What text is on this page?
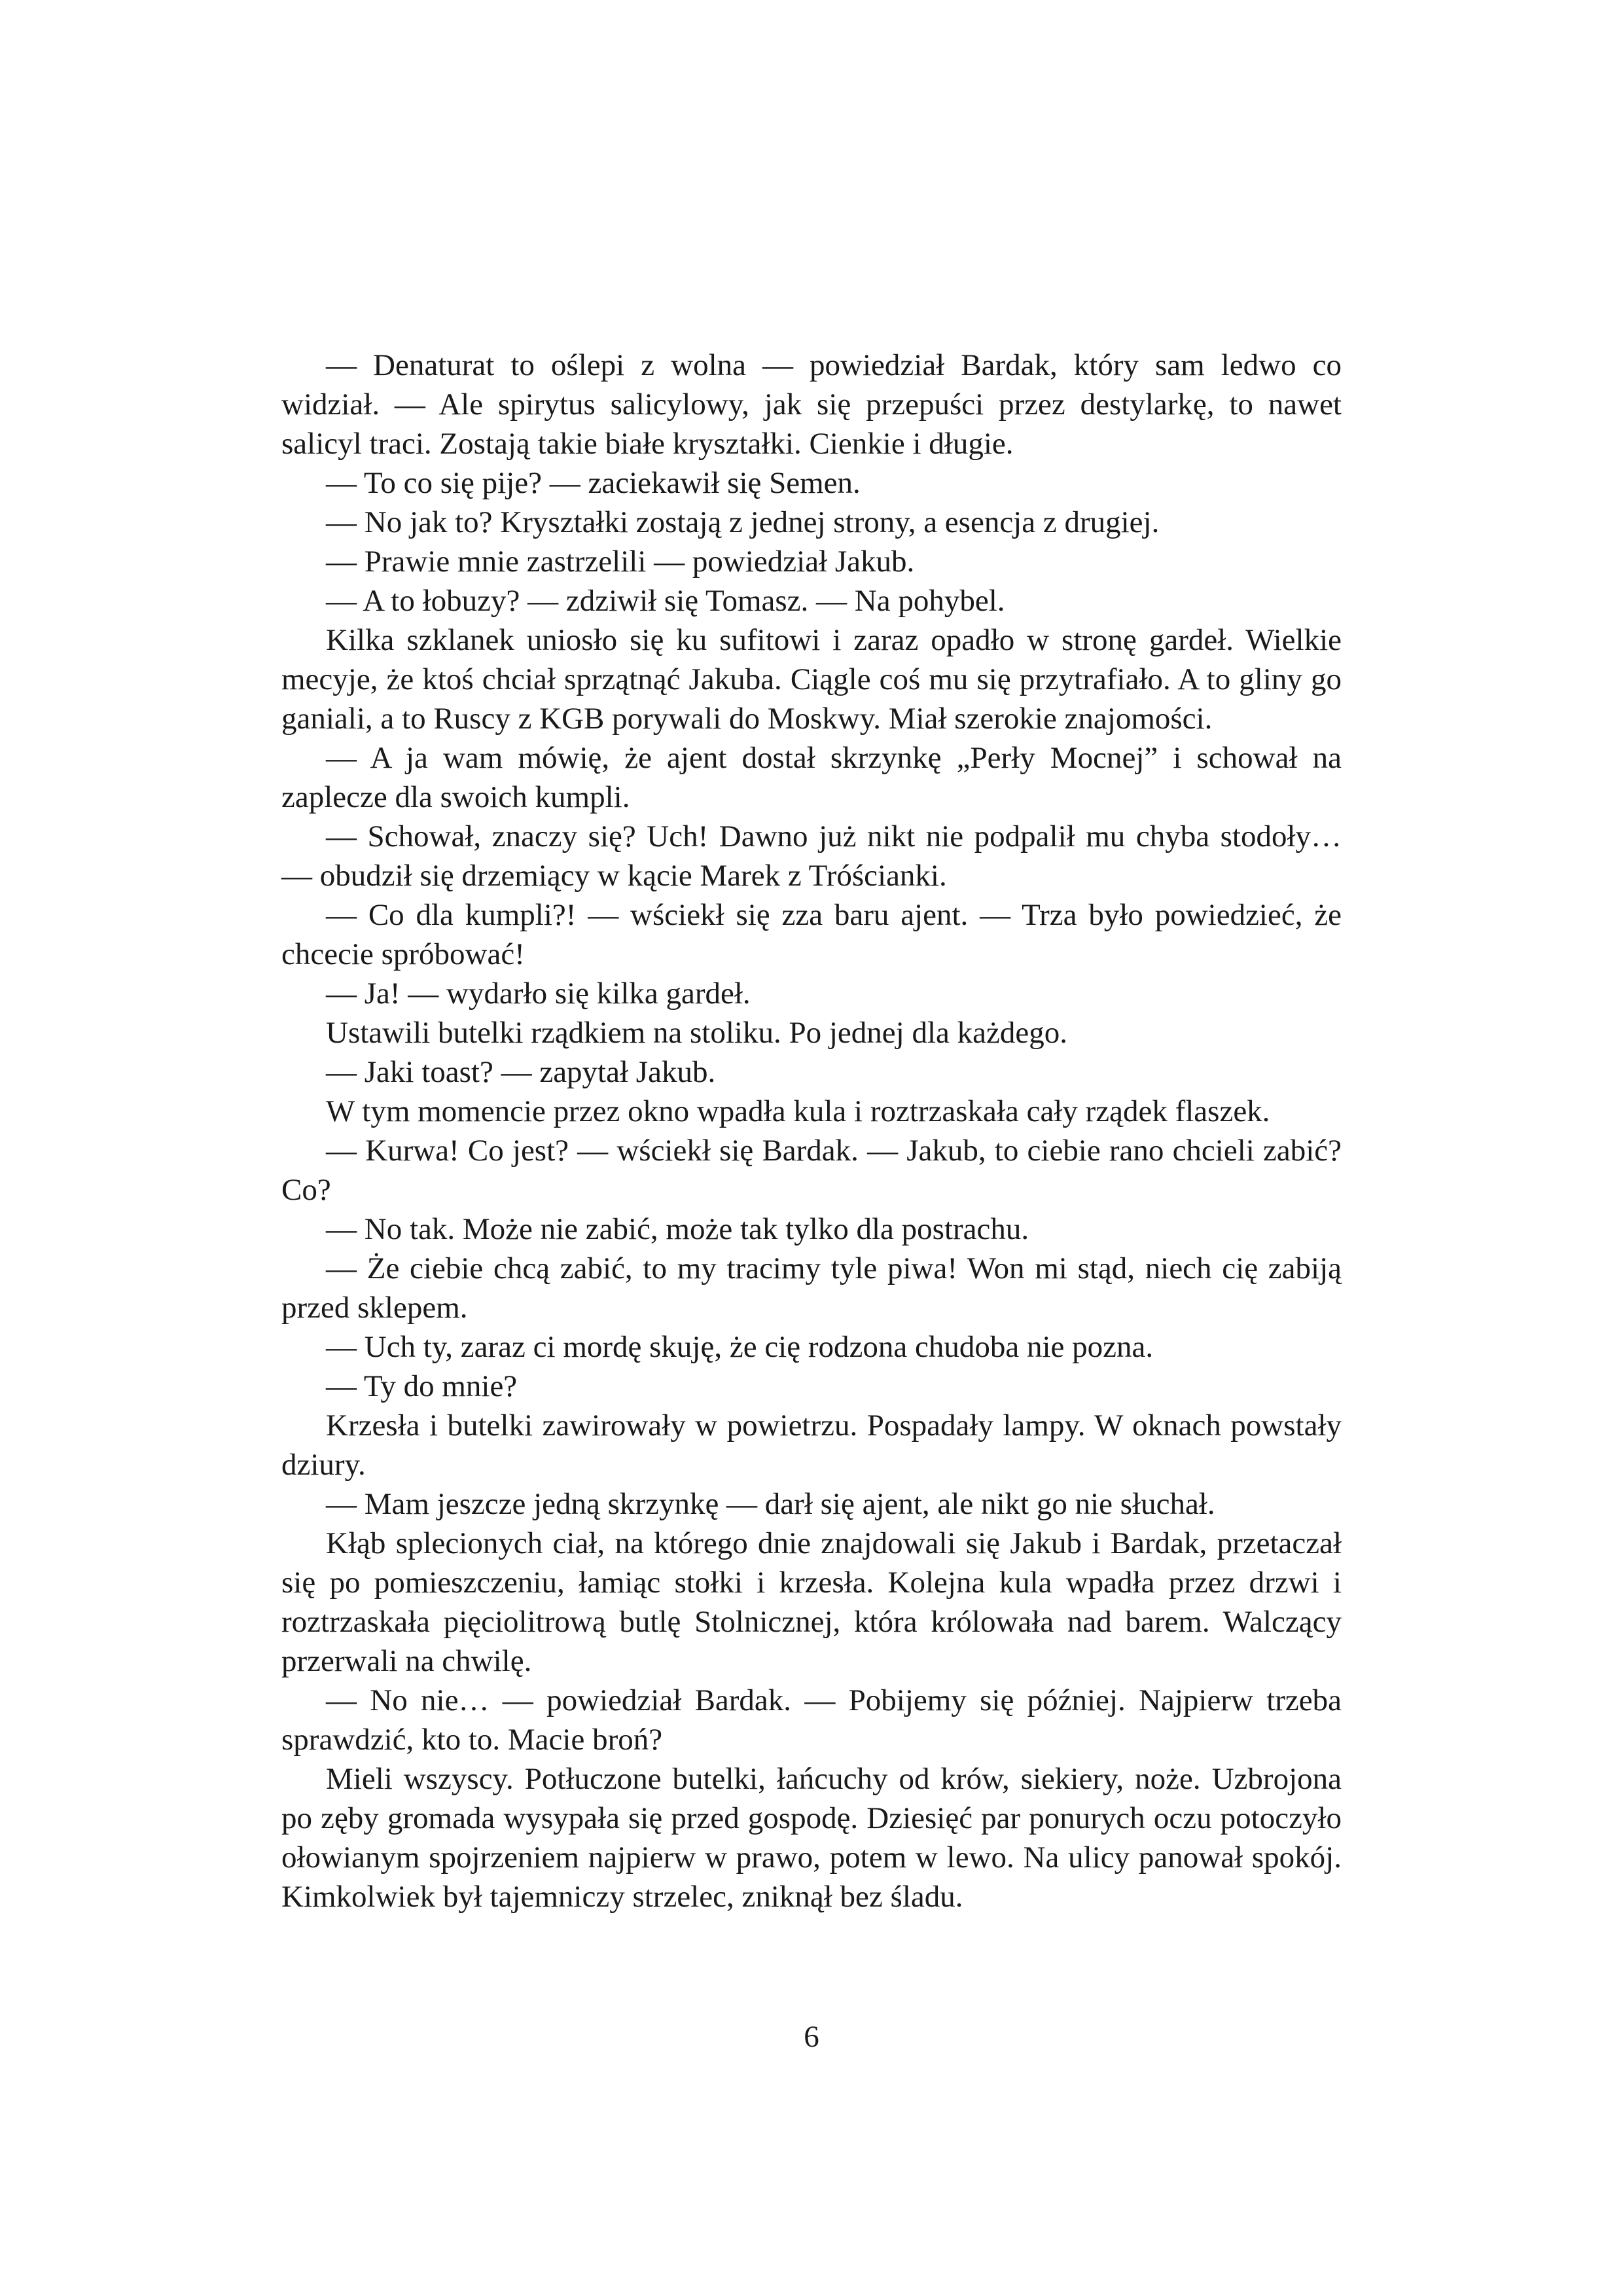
— Denaturat to oślepi z wolna — powiedział Bardak, który sam ledwo co widział. — Ale spirytus salicylowy, jak się przepuści przez destylarkę, to nawet salicyl traci. Zostają takie białe kryształki. Cienkie i długie.

— To co się pije? — zaciekawił się Semen.

— No jak to? Kryształki zostają z jednej strony, a esencja z drugiej.

— Prawie mnie zastrzelili — powiedział Jakub.

— A to łobuzy? — zdziwił się Tomasz. — Na pohybel.

Kilka szklanek uniosło się ku sufitowi i zaraz opadło w stronę gardeł. Wielkie mecyje, że ktoś chciał sprzątnąć Jakuba. Ciągle coś mu się przytrafiało. A to gliny go ganiali, a to Ruscy z KGB porywali do Moskwy. Miał szerokie znajomości.

— A ja wam mówię, że ajent dostał skrzynkę „Perły Mocnej” i schował na zaplecze dla swoich kumpli.

— Schował, znaczy się? Uch! Dawno już nikt nie podpalił mu chyba stodoły… — obudził się drzemiący w kącie Marek z Tróścianki.

— Co dla kumpli?! — wściekł się zza baru ajent. — Trza było powiedzieć, że chcecie spróbować!

— Ja! — wydarło się kilka gardeł.

Ustawili butelki rządkiem na stoliku. Po jednej dla każdego.

— Jaki toast? — zapytał Jakub.

W tym momencie przez okno wpadła kula i roztrzaskała cały rządek flaszek.

— Kurwa! Co jest? — wściekł się Bardak. — Jakub, to ciebie rano chcieli zabić? Co?

— No tak. Może nie zabić, może tak tylko dla postrachu.

— Że ciebie chcą zabić, to my tracimy tyle piwa! Won mi stąd, niech cię zabiją przed sklepem.

— Uch ty, zaraz ci mordę skuję, że cię rodzona chudoba nie pozna.

— Ty do mnie?

Krzesła i butelki zawirowały w powietrzu. Pospadały lampy. W oknach powstały dziury.

— Mam jeszcze jedną skrzynkę — darł się ajent, ale nikt go nie słuchał.

Kłąb splecionych ciał, na którego dnie znajdowali się Jakub i Bardak, przetaczał się po pomieszczeniu, łamiąc stołki i krzesła. Kolejna kula wpadła przez drzwi i roztrzaskała pięciolitrową butlę Stolnicznej, która królowała nad barem. Walczący przerwali na chwilę.

— No nie… — powiedział Bardak. — Pobijemy się później. Najpierw trzeba sprawdzić, kto to. Macie broń?

Mieli wszyscy. Potłuczone butelki, łańcuchy od krów, siekiery, noże. Uzbrojona po zęby gromada wysypała się przed gospodę. Dziesięć par ponurych oczu potoczyło ołowianym spojrzeniem najpierw w prawo, potem w lewo. Na ulicy panował spokój. Kimkolwiek był tajemniczy strzelec, zniknął bez śladu.

6
